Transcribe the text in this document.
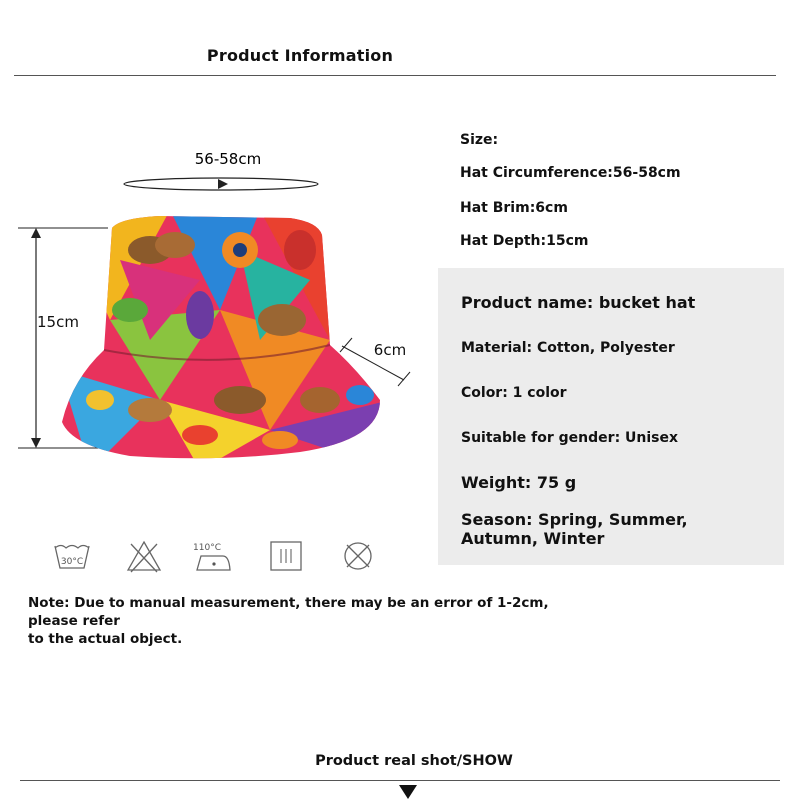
Product Information
56-58cm
15cm
6cm
Size:
Hat Circumference:56-58cm
Hat Brim:6cm
Hat Depth:15cm
Product name: bucket hat
Material: Cotton, Polyester
Color: 1 color
Suitable for gender: Unisex
Weight: 75 g
Season: Spring, Summer,
Autumn, Winter
30°C
110°C
Note: Due to manual measurement, there may be an error of 1-2cm, please refer
to the actual object.
Product real shot/SHOW
